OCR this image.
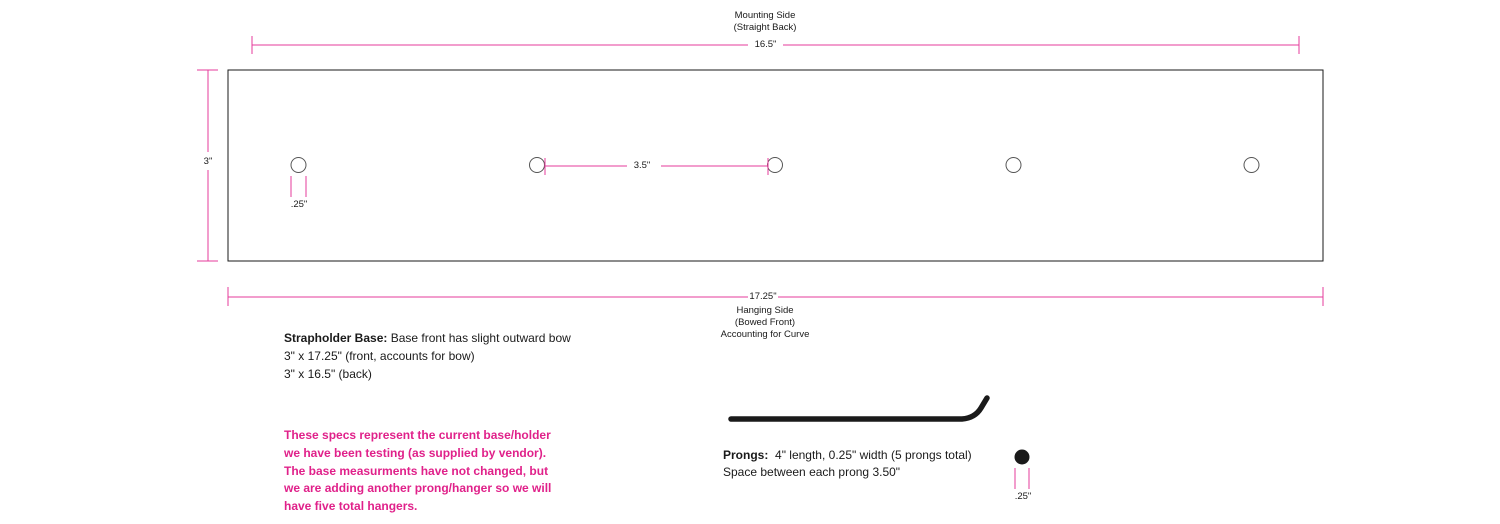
Mounting Side
(Straight Back)
16.5"
3"	3.5"
.25"
17.25"
Hanging Side
(Bowed Front)
Accounting for Curve
Strapholder Base: Base front has slight outward bow
3" x 17.25" (front, accounts for bow)
3" x 16.5" (back)
These specs represent the current base/holder
we have been testing (as supplied by vendor).
The base measurments have not changed, but
we are adding another prong/hanger so we will
have five total hangers.
Prongs: 4" length, 0.25" width (5 prongs total)
Space between each prong 3.50"
.25"
